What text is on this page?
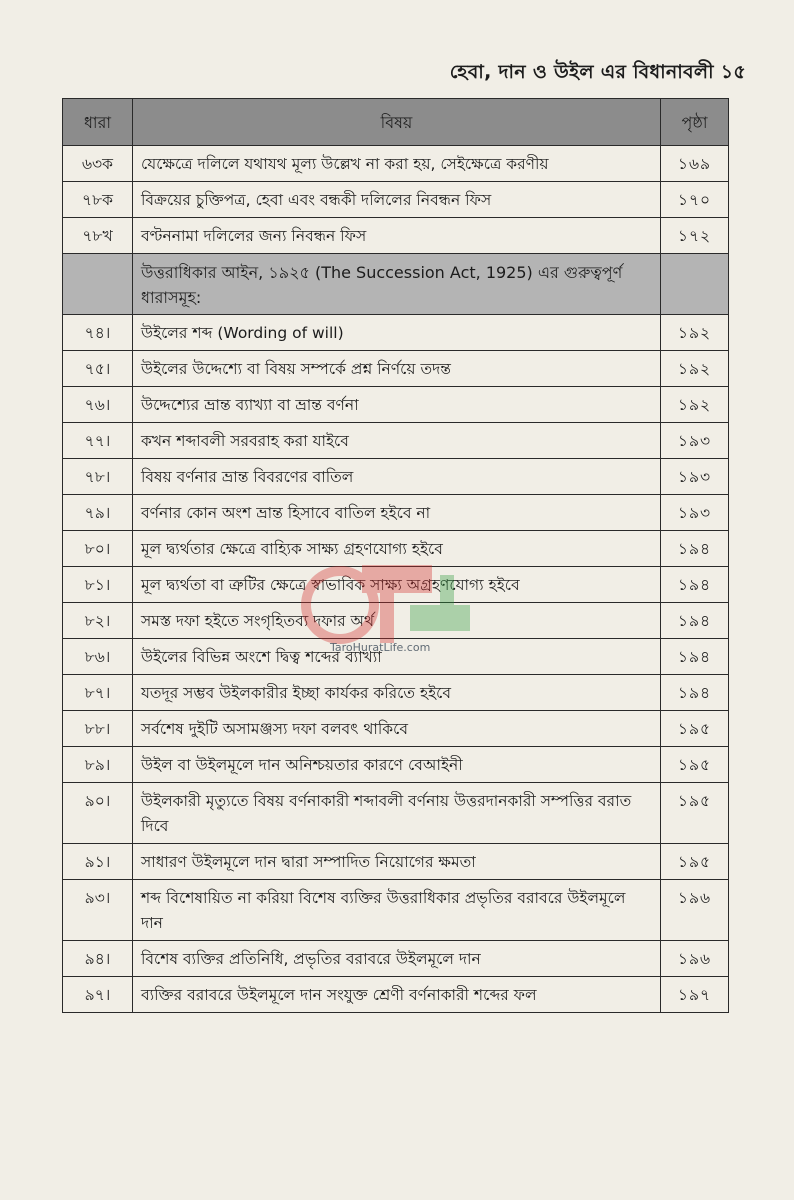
হেবা, দান ও উইল এর বিধানাবলী ১৫
ধারা	বিষয়	পৃষ্ঠা
৬৩ক	যেক্ষেত্রে দলিলে যথাযথ মূল্য উল্লেখ না করা হয়, সেইক্ষেত্রে করণীয়	১৬৯
৭৮ক	বিক্রয়ের চুক্তিপত্র, হেবা এবং বন্ধকী দলিলের নিবন্ধন ফিস	১৭০
৭৮খ	বণ্টননামা দলিলের জন্য নিবন্ধন ফিস	১৭২
	উত্তরাধিকার আইন, ১৯২৫ (The Succession Act, 1925) এর গুরুত্বপূর্ণ ধারাসমূহ:	
৭৪।	উইলের শব্দ (Wording of will)	১৯২
৭৫।	উইলের উদ্দেশ্যে বা বিষয় সম্পর্কে প্রশ্ন নির্ণয়ে তদন্ত	১৯২
৭৬।	উদ্দেশ্যের ভ্রান্ত ব্যাখ্যা বা ভ্রান্ত বর্ণনা	১৯২
৭৭।	কখন শব্দাবলী সরবরাহ করা যাইবে	১৯৩
৭৮।	বিষয় বর্ণনার ভ্রান্ত বিবরণের বাতিল	১৯৩
৭৯।	বর্ণনার কোন অংশ ভ্রান্ত হিসাবে বাতিল হইবে না	১৯৩
৮০।	মূল দ্ব্যর্থতার ক্ষেত্রে বাহ্যিক সাক্ষ্য গ্রহণযোগ্য হইবে	১৯৪
৮১।	মূল দ্ব্যর্থতা বা ত্রুটির ক্ষেত্রে স্বাভাবিক সাক্ষ্য অগ্রহণযোগ্য হইবে	১৯৪
৮২।	সমস্ত দফা হইতে সংগৃহিতব্য দফার অর্থ	১৯৪
৮৬।	উইলের বিভিন্ন অংশে দ্বিত্ব শব্দের ব্যাখ্যা	১৯৪
৮৭।	যতদূর সম্ভব উইলকারীর ইচ্ছা কার্যকর করিতে হইবে	১৯৪
৮৮।	সর্বশেষ দুইটি অসামঞ্জস্য দফা বলবৎ থাকিবে	১৯৫
৮৯।	উইল বা উইলমূলে দান অনিশ্চয়তার কারণে বেআইনী	১৯৫
৯০।	উইলকারী মৃত্যুতে বিষয় বর্ণনাকারী শব্দাবলী বর্ণনায় উত্তরদানকারী সম্পত্তির বরাত দিবে	১৯৫
৯১।	সাধারণ উইলমূলে দান দ্বারা সম্পাদিত নিয়োগের ক্ষমতা	১৯৫
৯৩।	শব্দ বিশেষায়িত না করিয়া বিশেষ ব্যক্তির উত্তরাধিকার প্রভৃতির বরাবরে উইলমূলে দান	১৯৬
৯৪।	বিশেষ ব্যক্তির প্রতিনিধি, প্রভৃতির বরাবরে উইলমূলে দান	১৯৬
৯৭।	ব্যক্তির বরাবরে উইলমূলে দান সংযুক্ত শ্রেণী বর্ণনাকারী শব্দের ফল	১৯৭
TaroHuratLife.com
